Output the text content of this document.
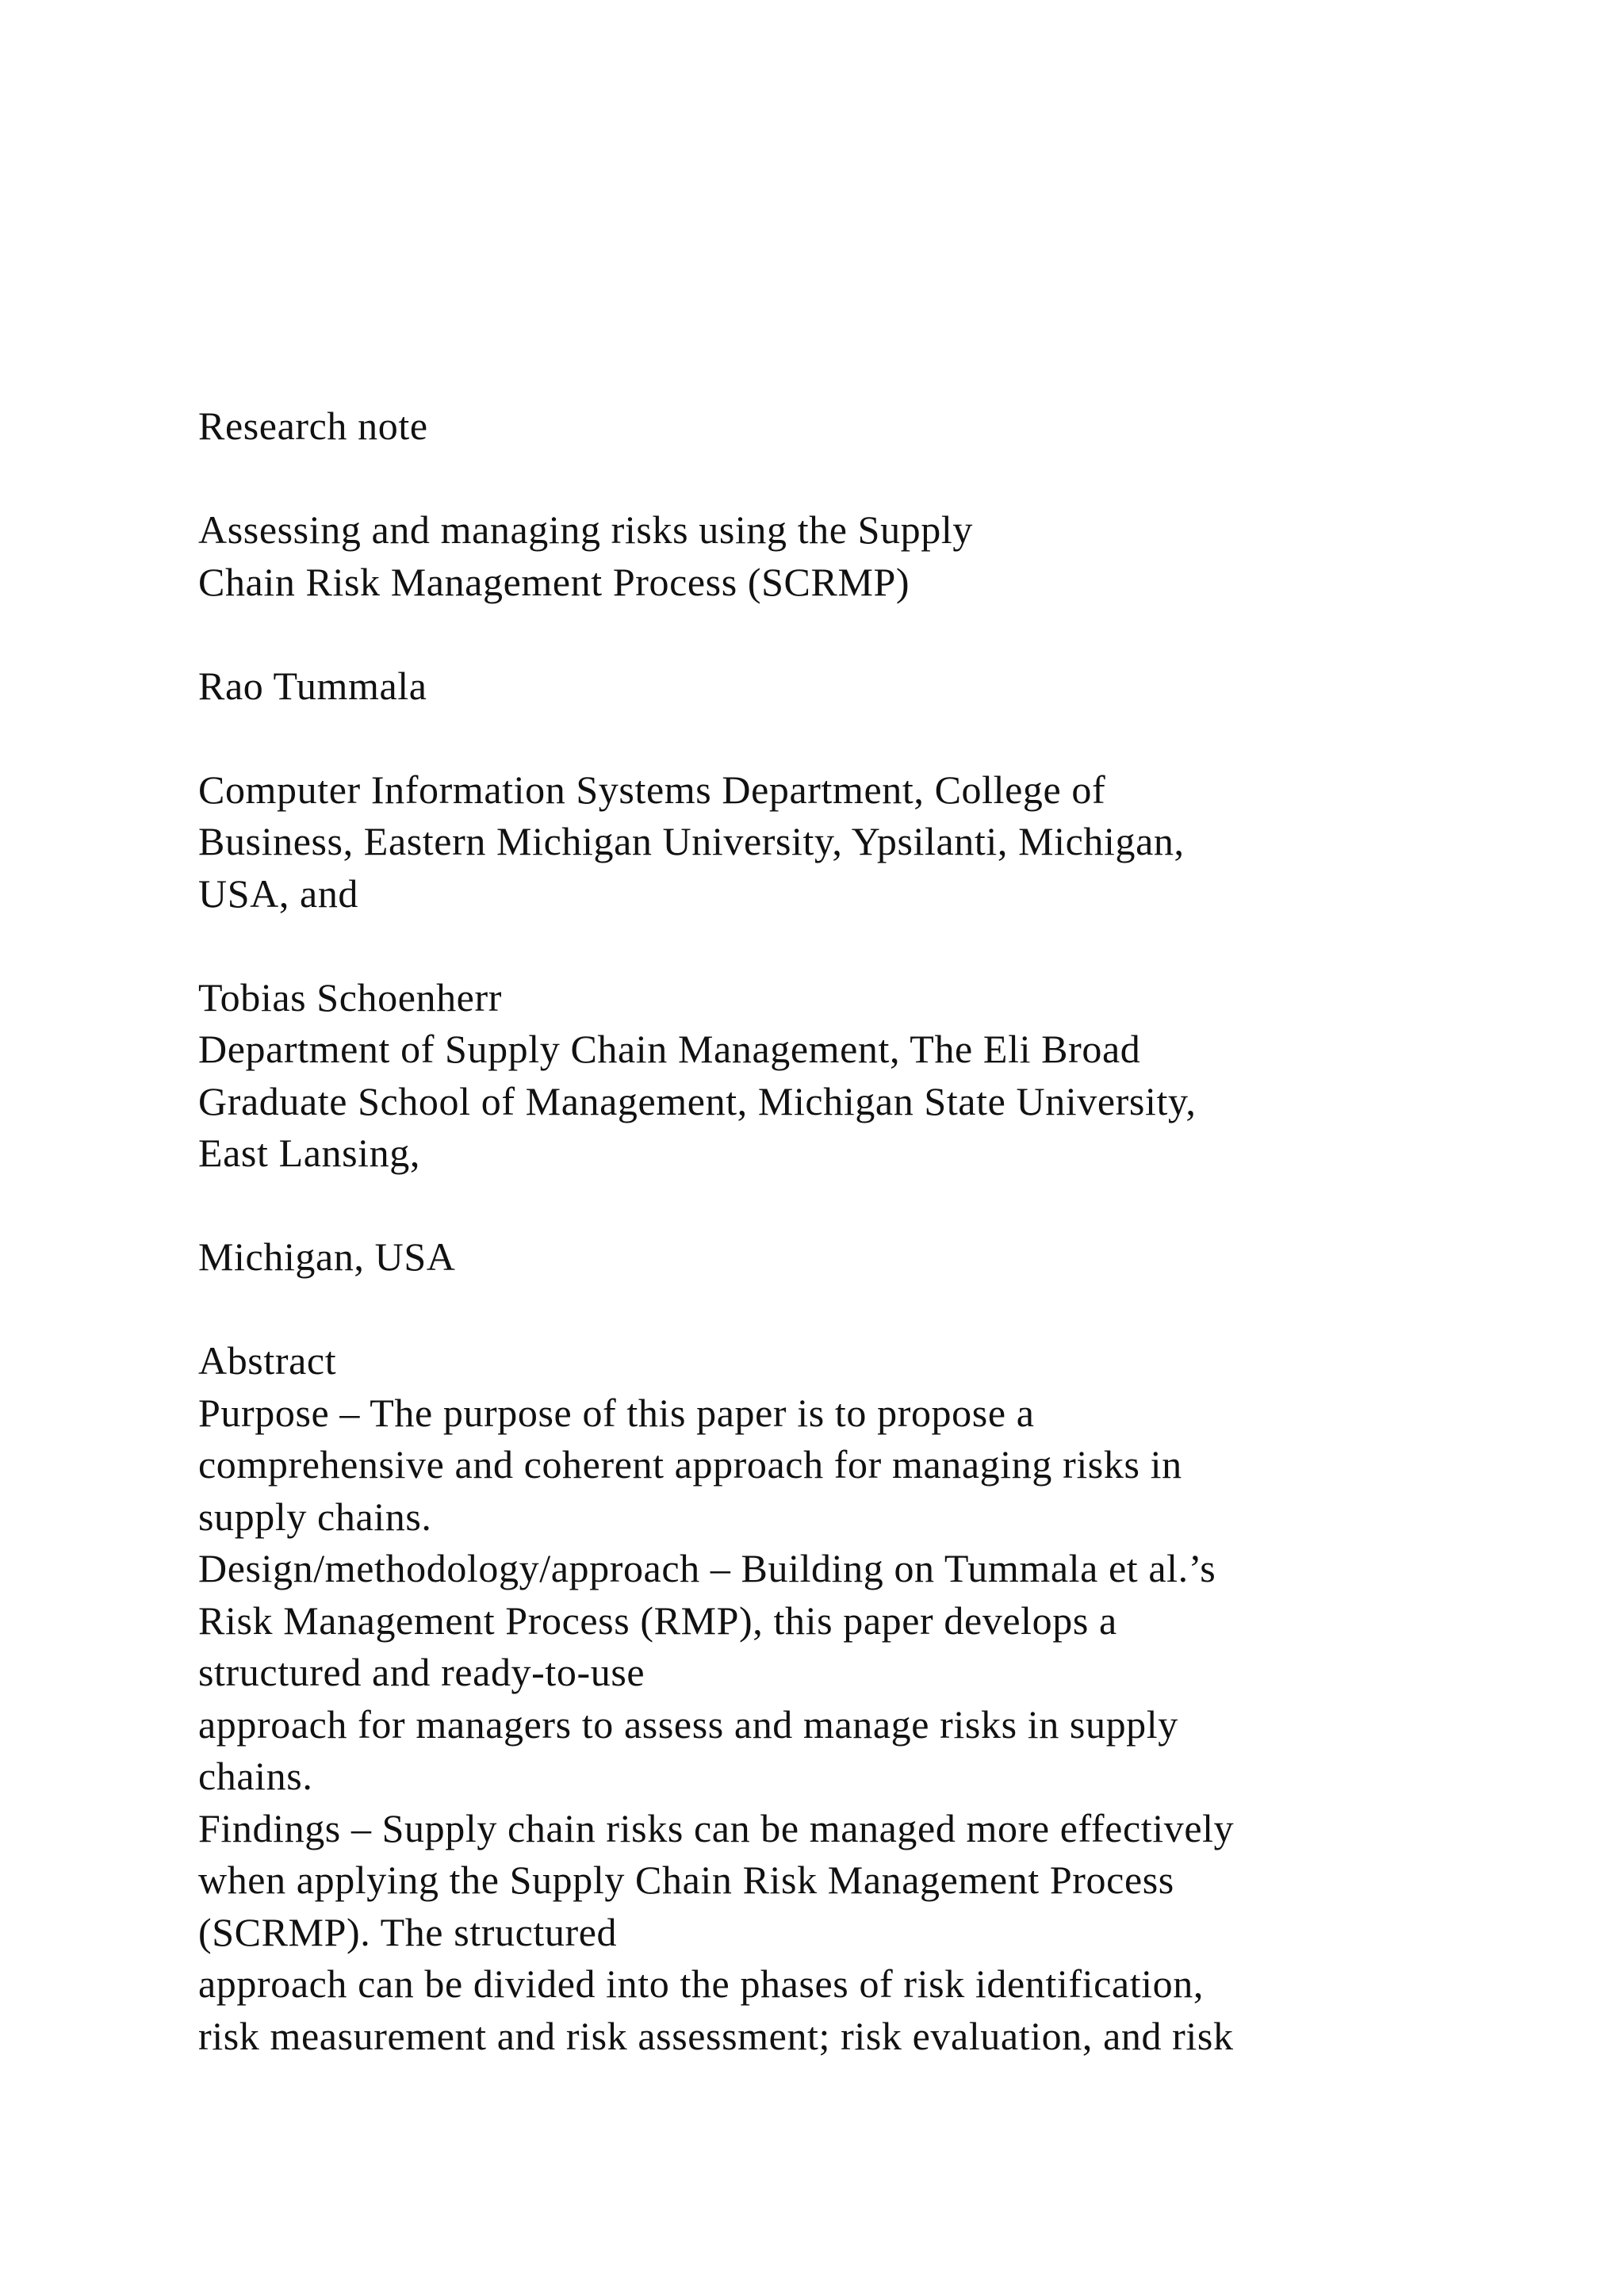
Research note
Assessing and managing risks using the Supply
Chain Risk Management Process (SCRMP)
Rao Tummala
Computer Information Systems Department, College of
Business, Eastern Michigan University, Ypsilanti, Michigan,
USA, and
Tobias Schoenherr
Department of Supply Chain Management, The Eli Broad
Graduate School of Management, Michigan State University,
East Lansing,
Michigan, USA
Abstract
Purpose – The purpose of this paper is to propose a
comprehensive and coherent approach for managing risks in
supply chains.
Design/methodology/approach – Building on Tummala et al.’s
Risk Management Process (RMP), this paper develops a
structured and ready-to-use
approach for managers to assess and manage risks in supply
chains.
Findings – Supply chain risks can be managed more effectively
when applying the Supply Chain Risk Management Process
(SCRMP). The structured
approach can be divided into the phases of risk identification,
risk measurement and risk assessment; risk evaluation, and risk
